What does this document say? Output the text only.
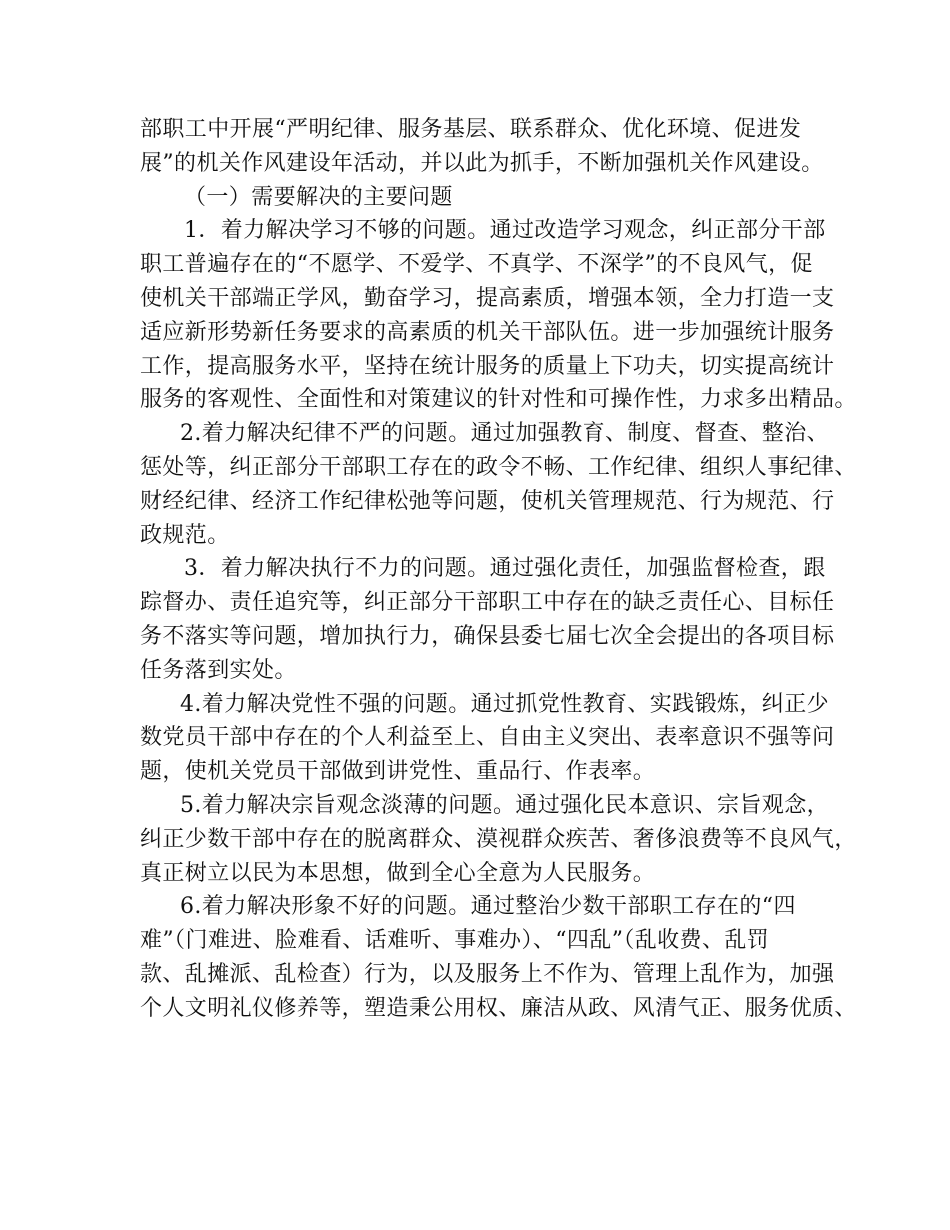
部职工中开展“严明纪律、服务基层、联系群众、优化环境、促进发
展”的机关作风建设年活动，并以此为抓手，不断加强机关作风建设。
（一）需要解决的主要问题
1．着力解决学习不够的问题。通过改造学习观念，纠正部分干部
职工普遍存在的“不愿学、不爱学、不真学、不深学”的不良风气，促
使机关干部端正学风，勤奋学习，提高素质，增强本领，全力打造一支
适应新形势新任务要求的高素质的机关干部队伍。进一步加强统计服务
工作，提高服务水平，坚持在统计服务的质量上下功夫，切实提高统计
服务的客观性、全面性和对策建议的针对性和可操作性，力求多出精品。
2.着力解决纪律不严的问题。通过加强教育、制度、督查、整治、
惩处等，纠正部分干部职工存在的政令不畅、工作纪律、组织人事纪律、
财经纪律、经济工作纪律松弛等问题，使机关管理规范、行为规范、行
政规范。
3．着力解决执行不力的问题。通过强化责任，加强监督检查，跟
踪督办、责任追究等，纠正部分干部职工中存在的缺乏责任心、目标任
务不落实等问题，增加执行力，确保县委七届七次全会提出的各项目标
任务落到实处。
4.着力解决党性不强的问题。通过抓党性教育、实践锻炼，纠正少
数党员干部中存在的个人利益至上、自由主义突出、表率意识不强等问
题，使机关党员干部做到讲党性、重品行、作表率。
5.着力解决宗旨观念淡薄的问题。通过强化民本意识、宗旨观念，
纠正少数干部中存在的脱离群众、漠视群众疾苦、奢侈浪费等不良风气，
真正树立以民为本思想，做到全心全意为人民服务。
6.着力解决形象不好的问题。通过整治少数干部职工存在的“四
难”（门难进、脸难看、话难听、事难办）、“四乱”（乱收费、乱罚
款、乱摊派、乱检查）行为，以及服务上不作为、管理上乱作为，加强
个人文明礼仪修养等，塑造秉公用权、廉洁从政、风清气正、服务优质、
